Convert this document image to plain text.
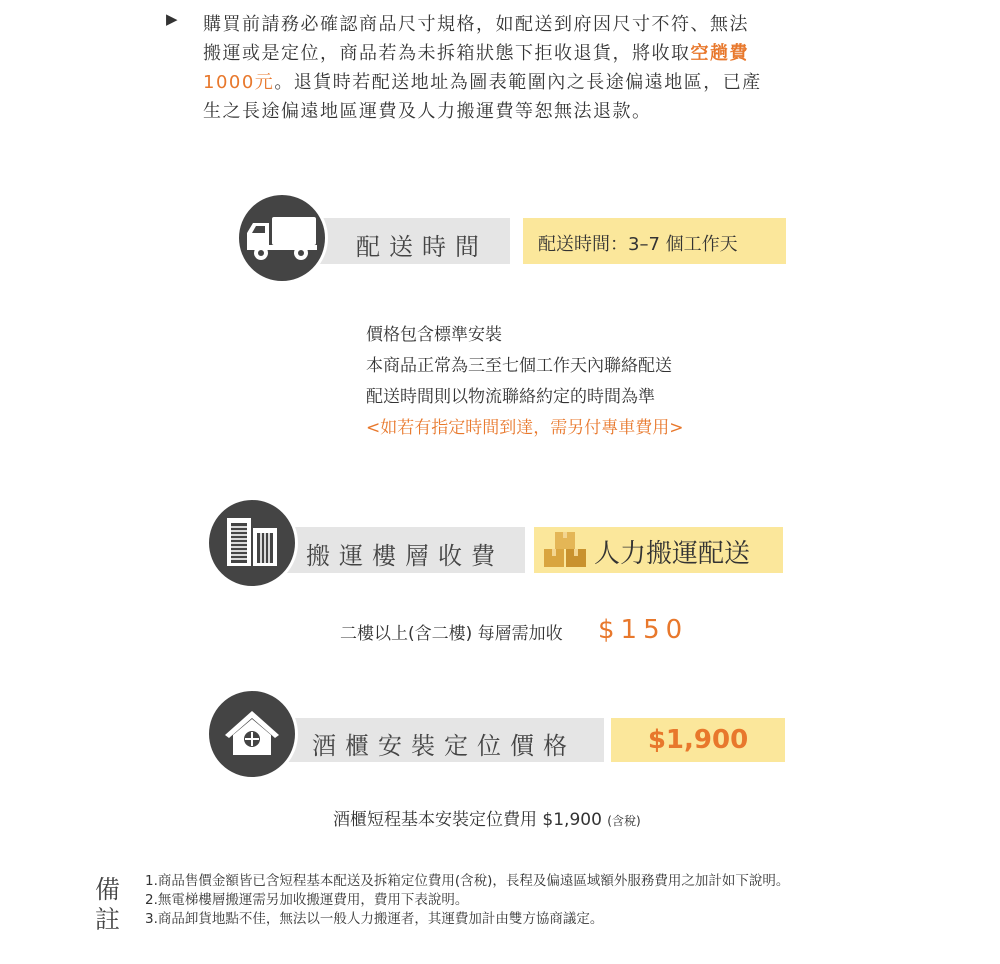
▶ 購買前請務必確認商品尺寸規格，如配送到府因尺寸不符、無法
搬運或是定位，商品若為未拆箱狀態下拒收退貨，將收取空趟費
1000元。退貨時若配送地址為圖表範圍內之長途偏遠地區，已產
生之長途偏遠地區運費及人力搬運費等恕無法退款。
配送時間	配送時間：3–7 個工作天
價格包含標準安裝
本商品正常為三至七個工作天內聯絡配送
配送時間則以物流聯絡約定的時間為準
<如若有指定時間到達，需另付專車費用>
搬運樓層收費	人力搬運配送
二樓以上(含二樓) 每層需加收 $150
酒櫃安裝定位價格	$1,900
酒櫃短程基本安裝定位費用 $1,900 (含稅)
備
註
1.商品售價金額皆已含短程基本配送及拆箱定位費用(含稅)，長程及偏遠區域額外服務費用之加計如下說明。
2.無電梯樓層搬運需另加收搬運費用，費用下表說明。
3.商品卸貨地點不佳，無法以一般人力搬運者，其運費加計由雙方協商議定。
